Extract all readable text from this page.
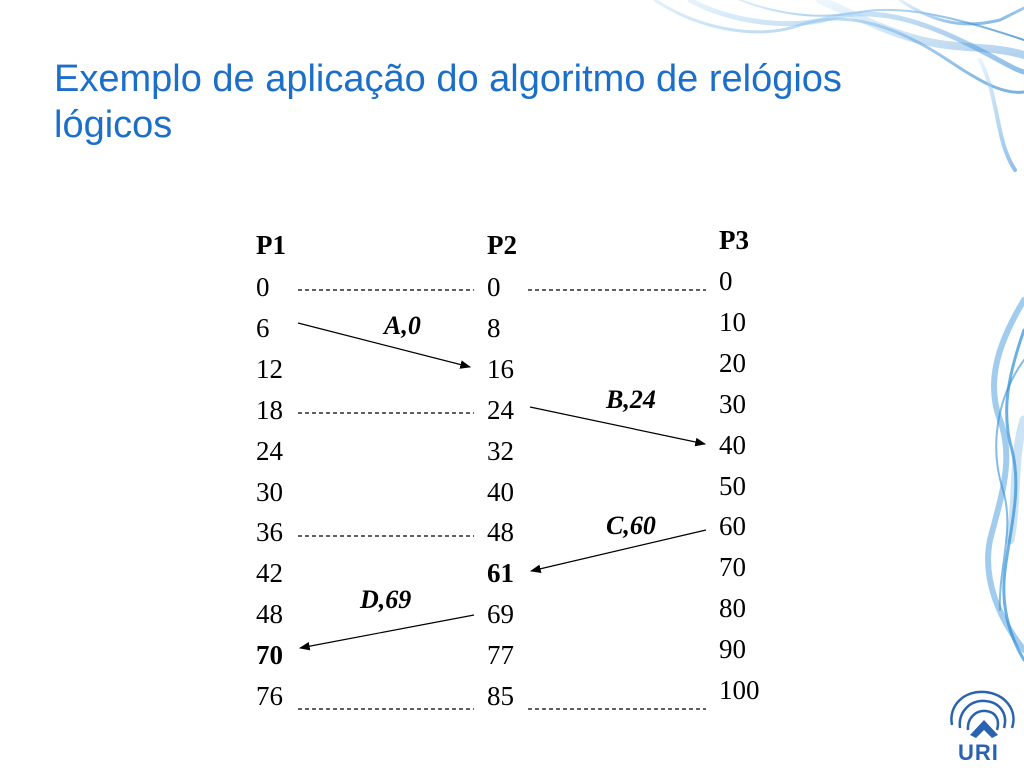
Exemplo de aplicação do algoritmo de relógios lógicos
P1
0
6
12
18
24
30
36
42
48
70
76
P2
0
8
16
24
32
40
48
61
69
77
85
P3
0
10
20
30
40
50
60
70
80
90
100
A,0
B,24
C,60
D,69
URI
